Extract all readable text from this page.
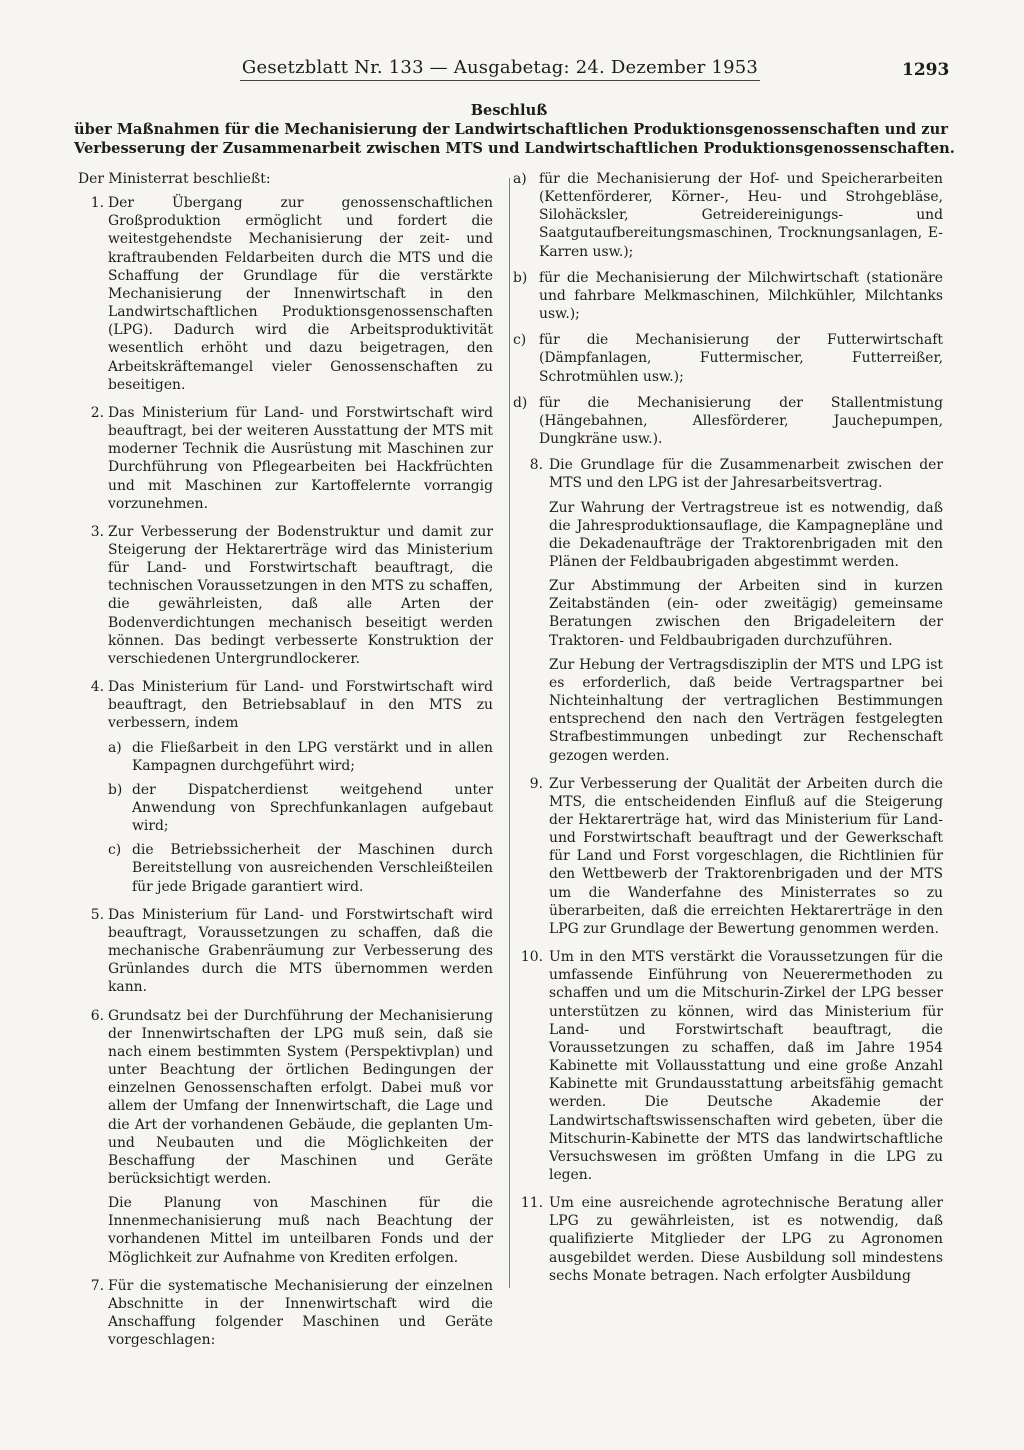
Gesetzblatt Nr. 133 — Ausgabetag: 24. Dezember 1953	1293
Beschluß
über Maßnahmen für die Mechanisierung der Landwirtschaftlichen Produktionsgenossenschaften und zur
Verbesserung der Zusammenarbeit zwischen MTS und Landwirtschaftlichen Produktionsgenossenschaften.

Der Ministerrat beschließt:

1. Der Übergang zur genossenschaftlichen Großproduktion ermöglicht und fordert die weitestgehendste Mechanisierung der zeit- und kraftraubenden Feldarbeiten durch die MTS und die Schaffung der Grundlage für die verstärkte Mechanisierung der Innenwirtschaft in den Landwirtschaftlichen Produktionsgenossenschaften (LPG). Dadurch wird die Arbeitsproduktivität wesentlich erhöht und dazu beigetragen, den Arbeitskräftemangel vieler Genossenschaften zu beseitigen.

2. Das Ministerium für Land- und Forstwirtschaft wird beauftragt, bei der weiteren Ausstattung der MTS mit moderner Technik die Ausrüstung mit Maschinen zur Durchführung von Pflegearbeiten bei Hackfrüchten und mit Maschinen zur Kartoffelernte vorrangig vorzunehmen.

3. Zur Verbesserung der Bodenstruktur und damit zur Steigerung der Hektarerträge wird das Ministerium für Land- und Forstwirtschaft beauftragt, die technischen Voraussetzungen in den MTS zu schaffen, die gewährleisten, daß alle Arten der Bodenverdichtungen mechanisch beseitigt werden können. Das bedingt verbesserte Konstruktion der verschiedenen Untergrundlockerer.

4. Das Ministerium für Land- und Forstwirtschaft wird beauftragt, den Betriebsablauf in den MTS zu verbessern, indem

a) die Fließarbeit in den LPG verstärkt und in allen Kampagnen durchgeführt wird;
b) der Dispatcherdienst weitgehend unter Anwendung von Sprechfunkanlagen aufgebaut wird;
c) die Betriebssicherheit der Maschinen durch Bereitstellung von ausreichenden Verschleißteilen für jede Brigade garantiert wird.
5. Das Ministerium für Land- und Forstwirtschaft wird beauftragt, Voraussetzungen zu schaffen, daß die mechanische Grabenräumung zur Verbesserung des Grünlandes durch die MTS übernommen werden kann.

6. Grundsatz bei der Durchführung der Mechanisierung der Innenwirtschaften der LPG muß sein, daß sie nach einem bestimmten System (Perspektivplan) und unter Beachtung der örtlichen Bedingungen der einzelnen Genossenschaften erfolgt. Dabei muß vor allem der Umfang der Innenwirtschaft, die Lage und die Art der vorhandenen Gebäude, die geplanten Um- und Neubauten und die Möglichkeiten der Beschaffung der Maschinen und Geräte berücksichtigt werden.

Die Planung von Maschinen für die Innenmechanisierung muß nach Beachtung der vorhandenen Mittel im unteilbaren Fonds und der Möglichkeit zur Aufnahme von Krediten erfolgen.

7. Für die systematische Mechanisierung der einzelnen Abschnitte in der Innenwirtschaft wird die Anschaffung folgender Maschinen und Geräte vorgeschlagen:

a) für die Mechanisierung der Hof- und Speicherarbeiten (Kettenförderer, Körner-, Heu- und Strohgebläse, Silohäcksler, Getreidereinigungs- und Saatgutaufbereitungsmaschinen, Trocknungsanlagen, E-Karren usw.);
b) für die Mechanisierung der Milchwirtschaft (stationäre und fahrbare Melkmaschinen, Milchkühler, Milchtanks usw.);
c) für die Mechanisierung der Futterwirtschaft (Dämpfanlagen, Futtermischer, Futterreißer, Schrotmühlen usw.);
d) für die Mechanisierung der Stallentmistung (Hängebahnen, Allesförderer, Jauchepumpen, Dungkräne usw.).
8. Die Grundlage für die Zusammenarbeit zwischen der MTS und den LPG ist der Jahresarbeitsvertrag.

Zur Wahrung der Vertragstreue ist es notwendig, daß die Jahresproduktionsauflage, die Kampagnepläne und die Dekadenaufträge der Traktorenbrigaden mit den Plänen der Feldbaubrigaden abgestimmt werden.

Zur Abstimmung der Arbeiten sind in kurzen Zeitabständen (ein- oder zweitägig) gemeinsame Beratungen zwischen den Brigadeleitern der Traktoren- und Feldbaubrigaden durchzuführen.

Zur Hebung der Vertragsdisziplin der MTS und LPG ist es erforderlich, daß beide Vertragspartner bei Nichteinhaltung der vertraglichen Bestimmungen entsprechend den nach den Verträgen festgelegten Strafbestimmungen unbedingt zur Rechenschaft gezogen werden.

9. Zur Verbesserung der Qualität der Arbeiten durch die MTS, die entscheidenden Einfluß auf die Steigerung der Hektarerträge hat, wird das Ministerium für Land- und Forstwirtschaft beauftragt und der Gewerkschaft für Land und Forst vorgeschlagen, die Richtlinien für den Wettbewerb der Traktorenbrigaden und der MTS um die Wanderfahne des Ministerrates so zu überarbeiten, daß die erreichten Hektarerträge in den LPG zur Grundlage der Bewertung genommen werden.

10. Um in den MTS verstärkt die Voraussetzungen für die umfassende Einführung von Neuerermethoden zu schaffen und um die Mitschurin-Zirkel der LPG besser unterstützen zu können, wird das Ministerium für Land- und Forstwirtschaft beauftragt, die Voraussetzungen zu schaffen, daß im Jahre 1954 Kabinette mit Vollausstattung und eine große Anzahl Kabinette mit Grundausstattung arbeitsfähig gemacht werden. Die Deutsche Akademie der Landwirtschaftswissenschaften wird gebeten, über die Mitschurin-Kabinette der MTS das landwirtschaftliche Versuchswesen im größten Umfang in die LPG zu legen.

11. Um eine ausreichende agrotechnische Beratung aller LPG zu gewährleisten, ist es notwendig, daß qualifizierte Mitglieder der LPG zu Agronomen ausgebildet werden. Diese Ausbildung soll mindestens sechs Monate betragen. Nach erfolgter Ausbildung
